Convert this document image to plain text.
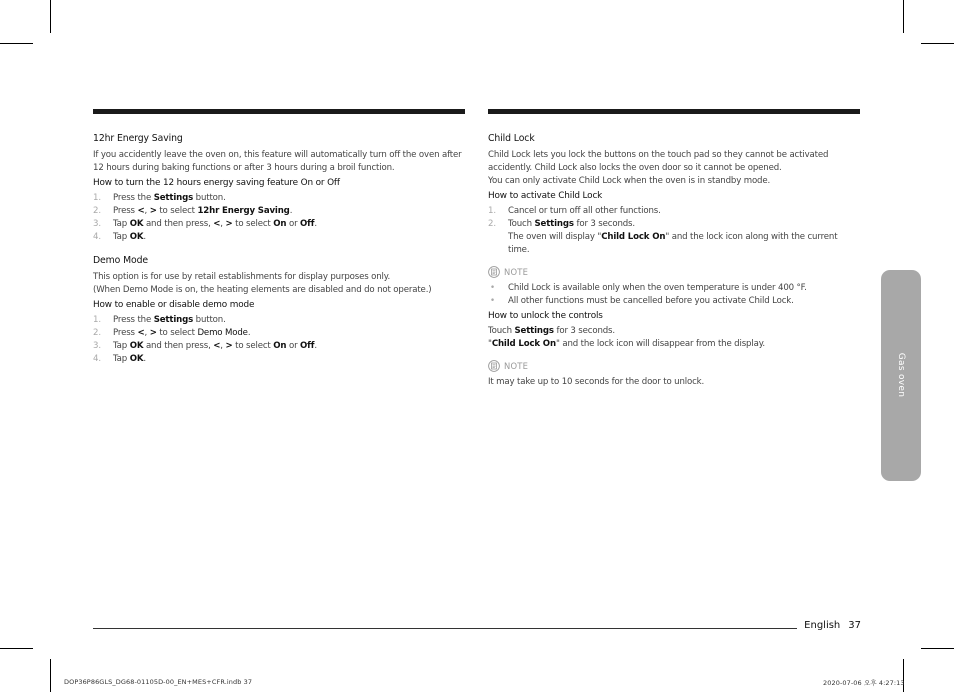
12hr Energy Saving

If you accidently leave the oven on, this feature will automatically turn off the oven after 12 hours during baking functions or after 3 hours during a broil function.

How to turn the 12 hours energy saving feature On or Off

1. Press the Settings button.
2. Press <, > to select 12hr Energy Saving.
3. Tap OK and then press, <, > to select On or Off.
4. Tap OK.

Demo Mode

This option is for use by retail establishments for display purposes only.

(When Demo Mode is on, the heating elements are disabled and do not operate.)

How to enable or disable demo mode

1. Press the Settings button.
2. Press <, > to select Demo Mode.
3. Tap OK and then press, <, > to select On or Off.
4. Tap OK.

Child Lock

Child Lock lets you lock the buttons on the touch pad so they cannot be activated accidently. Child Lock also locks the oven door so it cannot be opened.

You can only activate Child Lock when the oven is in standby mode.

How to activate Child Lock

1. Cancel or turn off all other functions.
2. Touch Settings for 3 seconds.
The oven will display "Child Lock On" and the lock icon along with the current time.
NOTE
• Child Lock is available only when the oven temperature is under 400 °F.
• All other functions must be cancelled before you activate Child Lock.

How to unlock the controls

Touch Settings for 3 seconds.

"Child Lock On" and the lock icon will disappear from the display.

NOTE

It may take up to 10 seconds for the door to unlock.	Gas oven
English 37
DOP36P86GLS_DG68-01105D-00_EN+MES+CFR.indb 37	2020-07-06 오후 4:27:13
